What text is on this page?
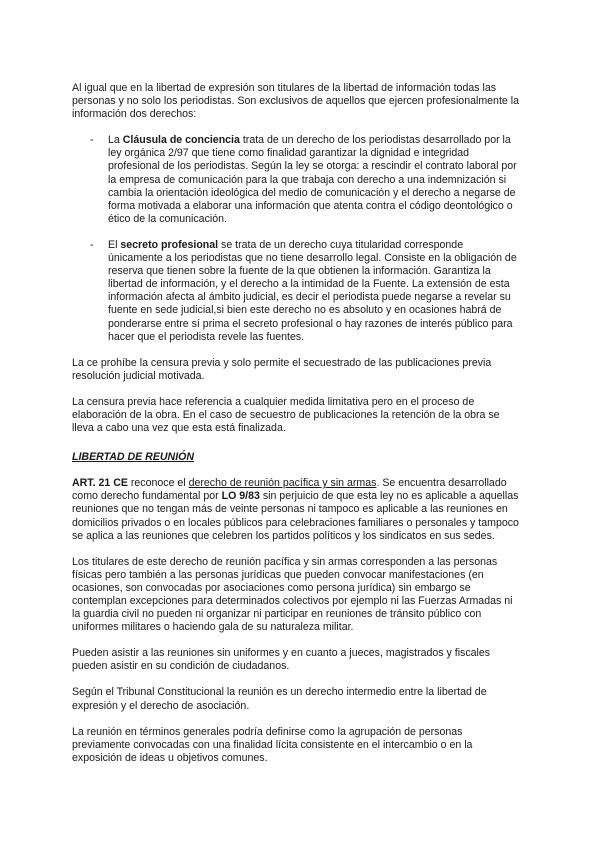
Al igual que en la libertad de expresión son titulares de la libertad de información todas las personas y no solo los periodistas. Son exclusivos de aquellos que ejercen profesionalmente la información dos derechos:

- La Cláusula de conciencia trata de un derecho de los periodistas desarrollado por la ley orgánica 2/97 que tiene como finalidad garantizar la dignidad e integridad profesional de los periodistas. Según la ley se otorga: a rescindir el contrato laboral por la empresa de comunicación para la que trabaja con derecho a una indemnización si cambia la orientación ideológica del medio de comunicación y el derecho a negarse de forma motivada a elaborar una información que atenta contra el código deontológico o ético de la comunicación.
- El secreto profesional se trata de un derecho cuya titularidad corresponde únicamente a los periodistas que no tiene desarrollo legal. Consiste en la obligación de reserva que tienen sobre la fuente de la que obtienen la información. Garantiza la libertad de información, y el derecho a la intimidad de la Fuente. La extensión de esta información afecta al ámbito judicial, es decir el periodista puede negarse a revelar su fuente en sede judicial,si bien este derecho no es absoluto y en ocasiones habrá de ponderarse entre sí prima el secreto profesional o hay razones de interés público para hacer que el periodista revele las fuentes.

La ce prohíbe la censura previa y solo permite el secuestrado de las publicaciones previa resolución judicial motivada.

La censura previa hace referencia a cualquier medida limitativa pero en el proceso de elaboración de la obra. En el caso de secuestro de publicaciones la retención de la obra se lleva a cabo una vez que esta está finalizada.

LIBERTAD DE REUNIÓN

ART. 21 CE reconoce el derecho de reunión pacífica y sin armas. Se encuentra desarrollado como derecho fundamental por LO 9/83 sin perjuicio de que esta ley no es aplicable a aquellas reuniones que no tengan más de veinte personas ni tampoco es aplicable a las reuniones en domicilios privados o en locales públicos para celebraciones familiares o personales y tampoco se aplica a las reuniones que celebren los partidos políticos y los sindicatos en sus sedes.

Los titulares de este derecho de reunión pacífica y sin armas corresponden a las personas físicas pero también a las personas jurídicas que pueden convocar manifestaciones (en ocasiones, son convocadas por asociaciones como persona jurídica) sin embargo se contemplan excepciones para determinados colectivos por ejemplo ni las Fuerzas Armadas ni la guardia civil no pueden ni organizar ni participar en reuniones de tránsito público con uniformes militares o haciendo gala de su naturaleza militar.

Pueden asistir a las reuniones sin uniformes y en cuanto a jueces, magistrados y fiscales pueden asistir en su condición de ciudadanos.

Según el Tribunal Constitucional la reunión es un derecho intermedio entre la libertad de expresión y el derecho de asociación.

La reunión en términos generales podría definirse como la agrupación de personas previamente convocadas con una finalidad lícita consistente en el intercambio o en la exposición de ideas u objetivos comunes.
